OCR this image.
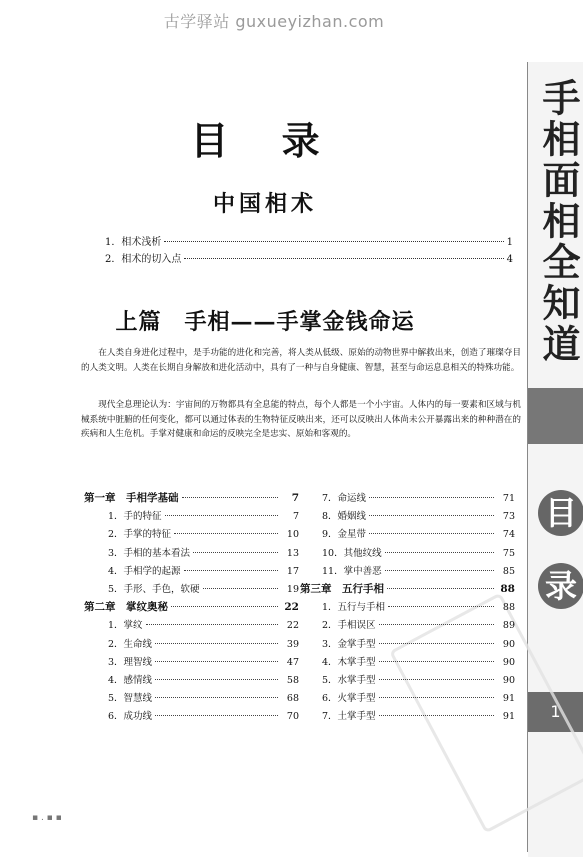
古学驿站 guxueyizhan.com
手相面相全知道
目
录
1
目 录
中国相术
1．相术浅析	1
2．相术的切入点	4
上篇　手相——手掌金钱命运

在人类自身进化过程中，是手功能的进化和完善，将人类从低级、原始的动物世界中解救出来，创造了璀璨夺目的人类文明。人类在长期自身解放和进化活动中，具有了一种与自身健康、智慧，甚至与命运息息相关的特殊功能。

现代全息理论认为：宇宙间的万物都具有全息能的特点，每个人都是一个小宇宙。人体内的每一要素和区域与机械系统中脏腑的任何变化，都可以通过体表的生物特征反映出来，还可以反映出人体尚未公开暴露出来的种种潜在的疾病和人生危机。手掌对健康和命运的反映完全是忠实、原始和客观的。

第一章　手相学基础	7
1．手的特征	7
2．手掌的特征	10
3．手相的基本看法	13
4．手相学的起源	17
5．手形、手色，软硬	19
第二章　掌纹奥秘	22
1．掌纹	22
2．生命线	39
3．理智线	47
4．感情线	58
5．智慧线	68
6．成功线	70
7．命运线	71
8．婚姻线	73
9．金星带	74
10．其他纹线	75
11．掌中善恶	85
第三章　五行手相	88
1．五行与手相	88
2．手相误区	89
3．金掌手型	90
4．木掌手型	90
5．水掌手型	90
6．火掌手型	91
7．土掌手型	91
▪ . ▪ ▪
